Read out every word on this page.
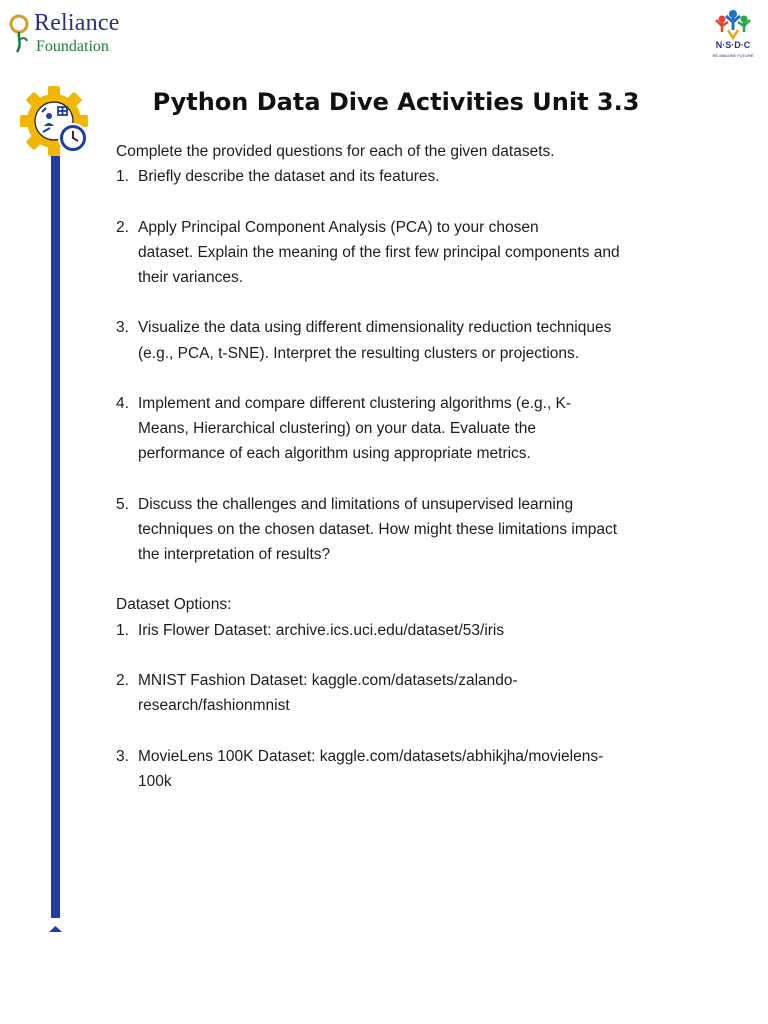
Reliance
Foundation	N·S·D·C
RE-IMAGINE FUTURE
Python Data Dive Activities Unit 3.3
Complete the provided questions for each of the given datasets.
1. Briefly describe the dataset and its features.
2. Apply Principal Component Analysis (PCA) to your chosen
dataset. Explain the meaning of the first few principal components and
their variances.
3. Visualize the data using different dimensionality reduction techniques
(e.g., PCA, t-SNE). Interpret the resulting clusters or projections.
4. Implement and compare different clustering algorithms (e.g., K-
Means, Hierarchical clustering) on your data. Evaluate the
performance of each algorithm using appropriate metrics.
5. Discuss the challenges and limitations of unsupervised learning
techniques on the chosen dataset. How might these limitations impact
the interpretation of results?
Dataset Options:
1. Iris Flower Dataset: archive.ics.uci.edu/dataset/53/iris
2. MNIST Fashion Dataset: kaggle.com/datasets/zalando-
research/fashionmnist
3. MovieLens 100K Dataset: kaggle.com/datasets/abhikjha/movielens-
100k
